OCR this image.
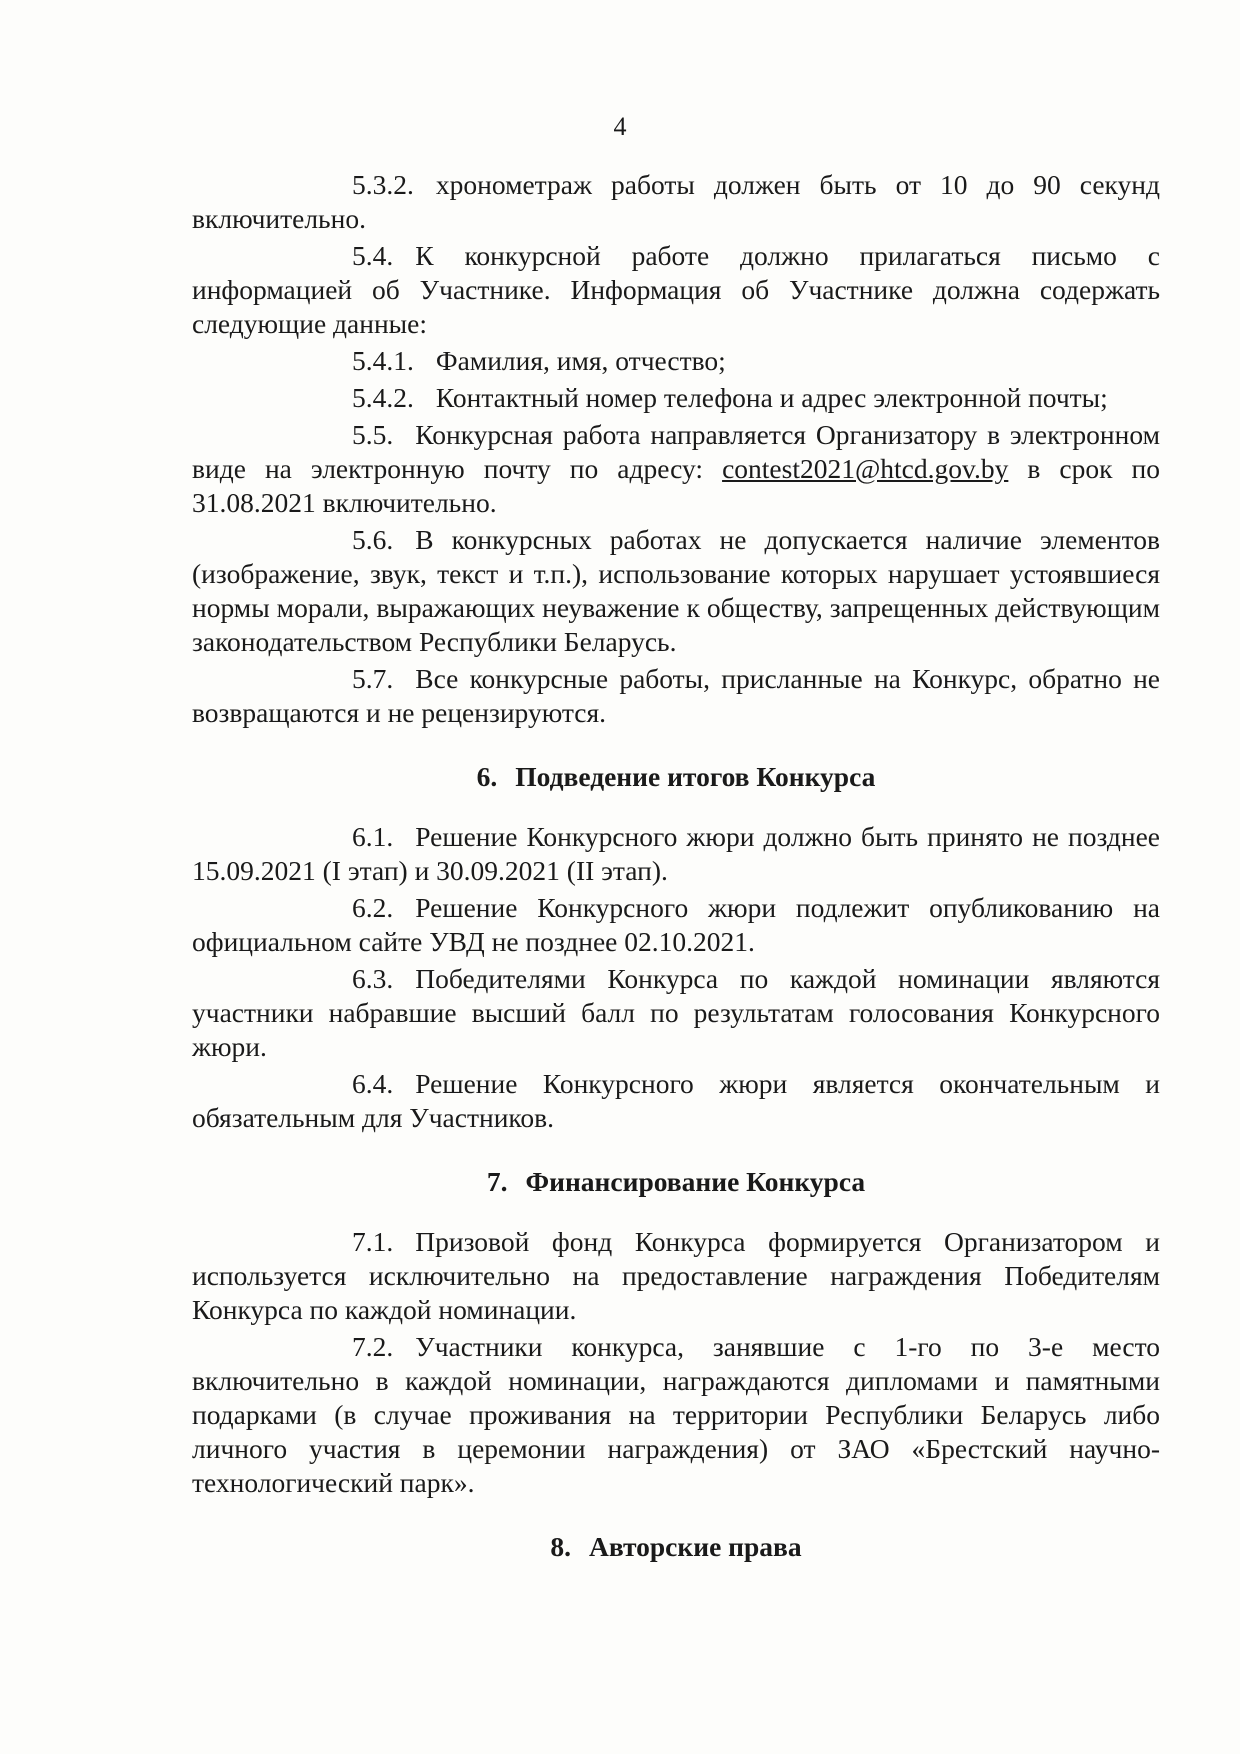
4

5.3.2. хронометраж работы должен быть от 10 до 90 секунд включительно.

5.4. К конкурсной работе должно прилагаться письмо с информацией об Участнике. Информация об Участнике должна содержать следующие данные:

5.4.1. Фамилия, имя, отчество;

5.4.2. Контактный номер телефона и адрес электронной почты;

5.5. Конкурсная работа направляется Организатору в электронном виде на электронную почту по адресу: contest2021@htcd.gov.by в срок по 31.08.2021 включительно.

5.6. В конкурсных работах не допускается наличие элементов (изображение, звук, текст и т.п.), использование которых нарушает устоявшиеся нормы морали, выражающих неуважение к обществу, запрещенных действующим законодательством Республики Беларусь.

5.7. Все конкурсные работы, присланные на Конкурс, обратно не возвращаются и не рецензируются.

6. Подведение итогов Конкурса

6.1. Решение Конкурсного жюри должно быть принято не позднее 15.09.2021 (I этап) и 30.09.2021 (II этап).

6.2. Решение Конкурсного жюри подлежит опубликованию на официальном сайте УВД не позднее 02.10.2021.

6.3. Победителями Конкурса по каждой номинации являются участники набравшие высший балл по результатам голосования Конкурсного жюри.

6.4. Решение Конкурсного жюри является окончательным и обязательным для Участников.

7. Финансирование Конкурса

7.1. Призовой фонд Конкурса формируется Организатором и используется исключительно на предоставление награждения Победителям Конкурса по каждой номинации.

7.2. Участники конкурса, занявшие с 1-го по 3-е место включительно в каждой номинации, награждаются дипломами и памятными подарками (в случае проживания на территории Республики Беларусь либо личного участия в церемонии награждения) от ЗАО «Брестский научно-технологический парк».

8. Авторские права
